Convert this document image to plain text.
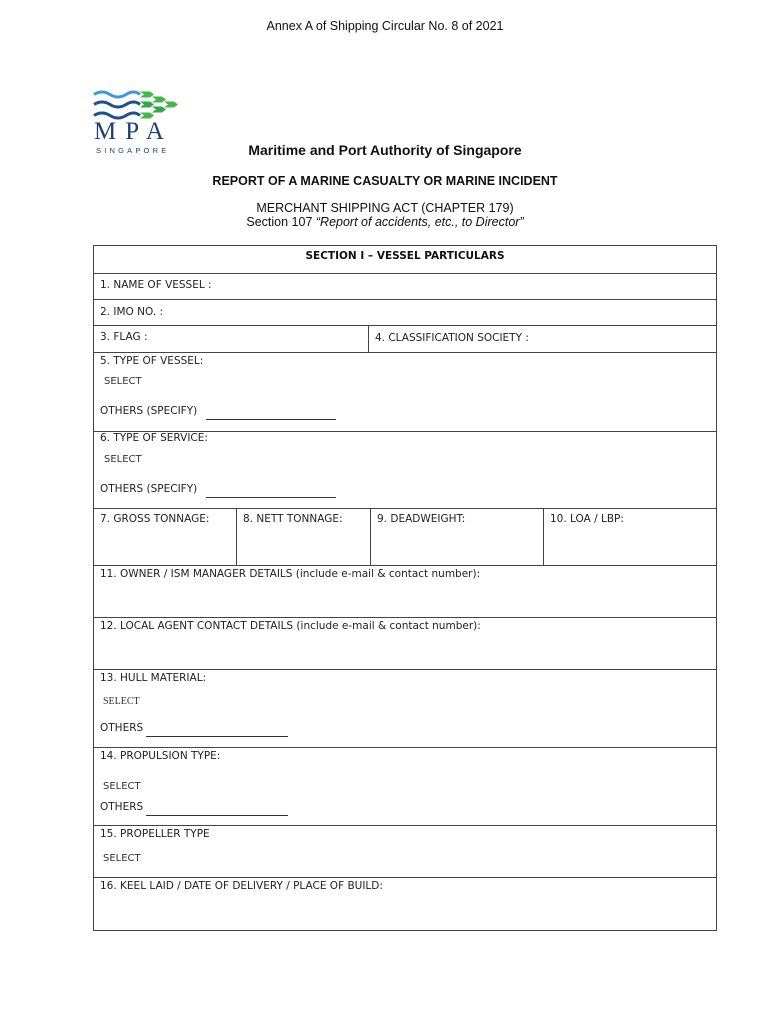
Annex A of Shipping Circular No. 8 of 2021
MPA
SINGAPORE	Maritime and Port Authority of Singapore
REPORT OF A MARINE CASUALTY OR MARINE INCIDENT
MERCHANT SHIPPING ACT (CHAPTER 179)
Section 107 “Report of accidents, etc., to Director”
SECTION I – VESSEL PARTICULARS
1. NAME OF VESSEL :
2. IMO NO. :
3. FLAG :	4. CLASSIFICATION SOCIETY :
5. TYPE OF VESSEL:
SELECT
OTHERS (SPECIFY)
6. TYPE OF SERVICE:
SELECT
OTHERS (SPECIFY)
7. GROSS TONNAGE:	8. NETT TONNAGE:	9. DEADWEIGHT:	10. LOA / LBP:
11. OWNER / ISM MANAGER DETAILS (include e-mail & contact number):
12. LOCAL AGENT CONTACT DETAILS (include e-mail & contact number):
13. HULL MATERIAL:
SELECT
OTHERS
14. PROPULSION TYPE:
SELECT
OTHERS
15. PROPELLER TYPE
SELECT
16. KEEL LAID / DATE OF DELIVERY / PLACE OF BUILD:
